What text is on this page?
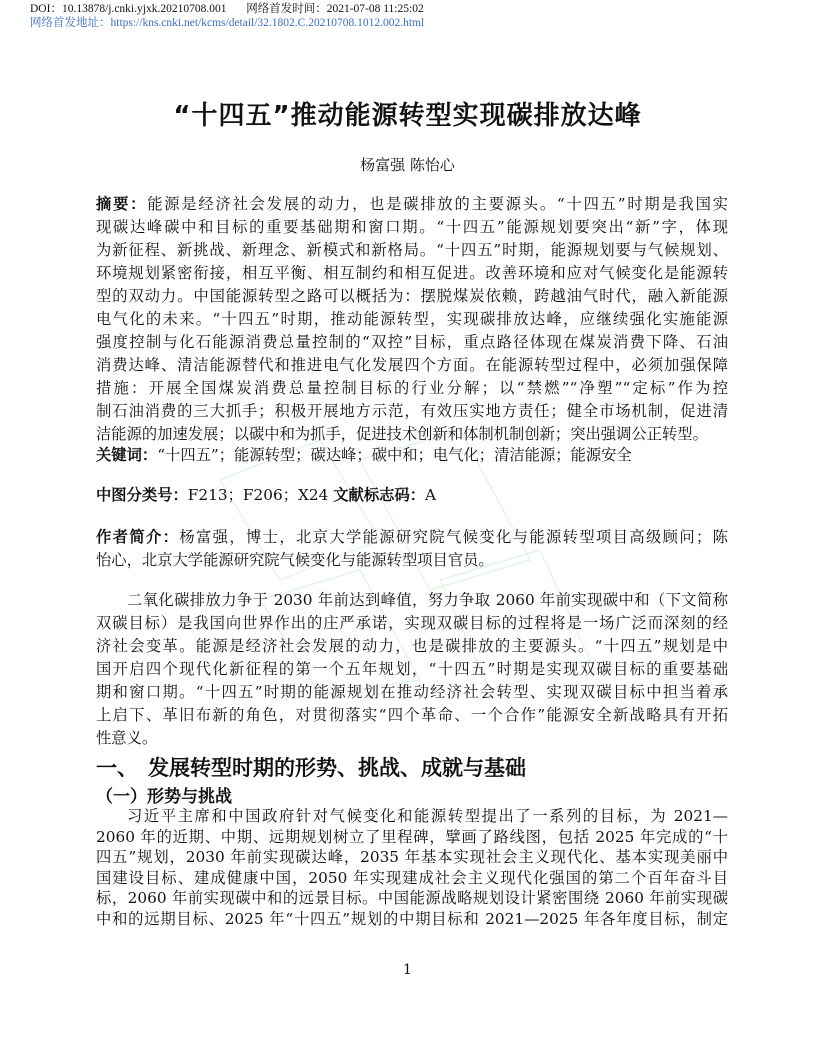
DOI：10.13878/j.cnki.yjxk.20210708.001 网络首发时间：2021-07-08 11:25:02
网络首发地址：https://kns.cnki.net/kcms/detail/32.1802.C.20210708.1012.002.html
“十四五”推动能源转型实现碳排放达峰
杨富强 陈怡心
摘要：能源是经济社会发展的动力，也是碳排放的主要源头。“十四五”时期是我国实
现碳达峰碳中和目标的重要基础期和窗口期。“十四五”能源规划要突出“新”字，体现
为新征程、新挑战、新理念、新模式和新格局。“十四五”时期，能源规划要与气候规划、
环境规划紧密衔接，相互平衡、相互制约和相互促进。改善环境和应对气候变化是能源转
型的双动力。中国能源转型之路可以概括为：摆脱煤炭依赖，跨越油气时代，融入新能源
电气化的未来。“十四五”时期，推动能源转型，实现碳排放达峰，应继续强化实施能源
强度控制与化石能源消费总量控制的“双控”目标，重点路径体现在煤炭消费下降、石油
消费达峰、清洁能源替代和推进电气化发展四个方面。在能源转型过程中，必须加强保障
措施：开展全国煤炭消费总量控制目标的行业分解；以“禁燃”“净塑”“定标”作为控
制石油消费的三大抓手；积极开展地方示范，有效压实地方责任；健全市场机制，促进清
洁能源的加速发展；以碳中和为抓手，促进技术创新和体制机制创新；突出强调公正转型。
关键词：“十四五”；能源转型；碳达峰；碳中和；电气化；清洁能源；能源安全
中图分类号：F213；F206；X24 文献标志码：A
作者简介：杨富强，博士，北京大学能源研究院气候变化与能源转型项目高级顾问；陈
怡心，北京大学能源研究院气候变化与能源转型项目官员。
二氧化碳排放力争于 2030 年前达到峰值，努力争取 2060 年前实现碳中和（下文简称
双碳目标）是我国向世界作出的庄严承诺，实现双碳目标的过程将是一场广泛而深刻的经
济社会变革。能源是经济社会发展的动力，也是碳排放的主要源头。“十四五”规划是中
国开启四个现代化新征程的第一个五年规划，“十四五”时期是实现双碳目标的重要基础
期和窗口期。“十四五”时期的能源规划在推动经济社会转型、实现双碳目标中担当着承
上启下、革旧布新的角色，对贯彻落实“四个革命、一个合作”能源安全新战略具有开拓
性意义。
一、 发展转型时期的形势、挑战、成就与基础
（一）形势与挑战
习近平主席和中国政府针对气候变化和能源转型提出了一系列的目标，为 2021—
2060 年的近期、中期、远期规划树立了里程碑，擘画了路线图，包括 2025 年完成的“十
四五”规划，2030 年前实现碳达峰，2035 年基本实现社会主义现代化、基本实现美丽中
国建设目标、建成健康中国，2050 年实现建成社会主义现代化强国的第二个百年奋斗目
标，2060 年前实现碳中和的远景目标。中国能源战略规划设计紧密围绕 2060 年前实现碳
中和的远期目标、2025 年“十四五”规划的中期目标和 2021—2025 年各年度目标，制定
1
